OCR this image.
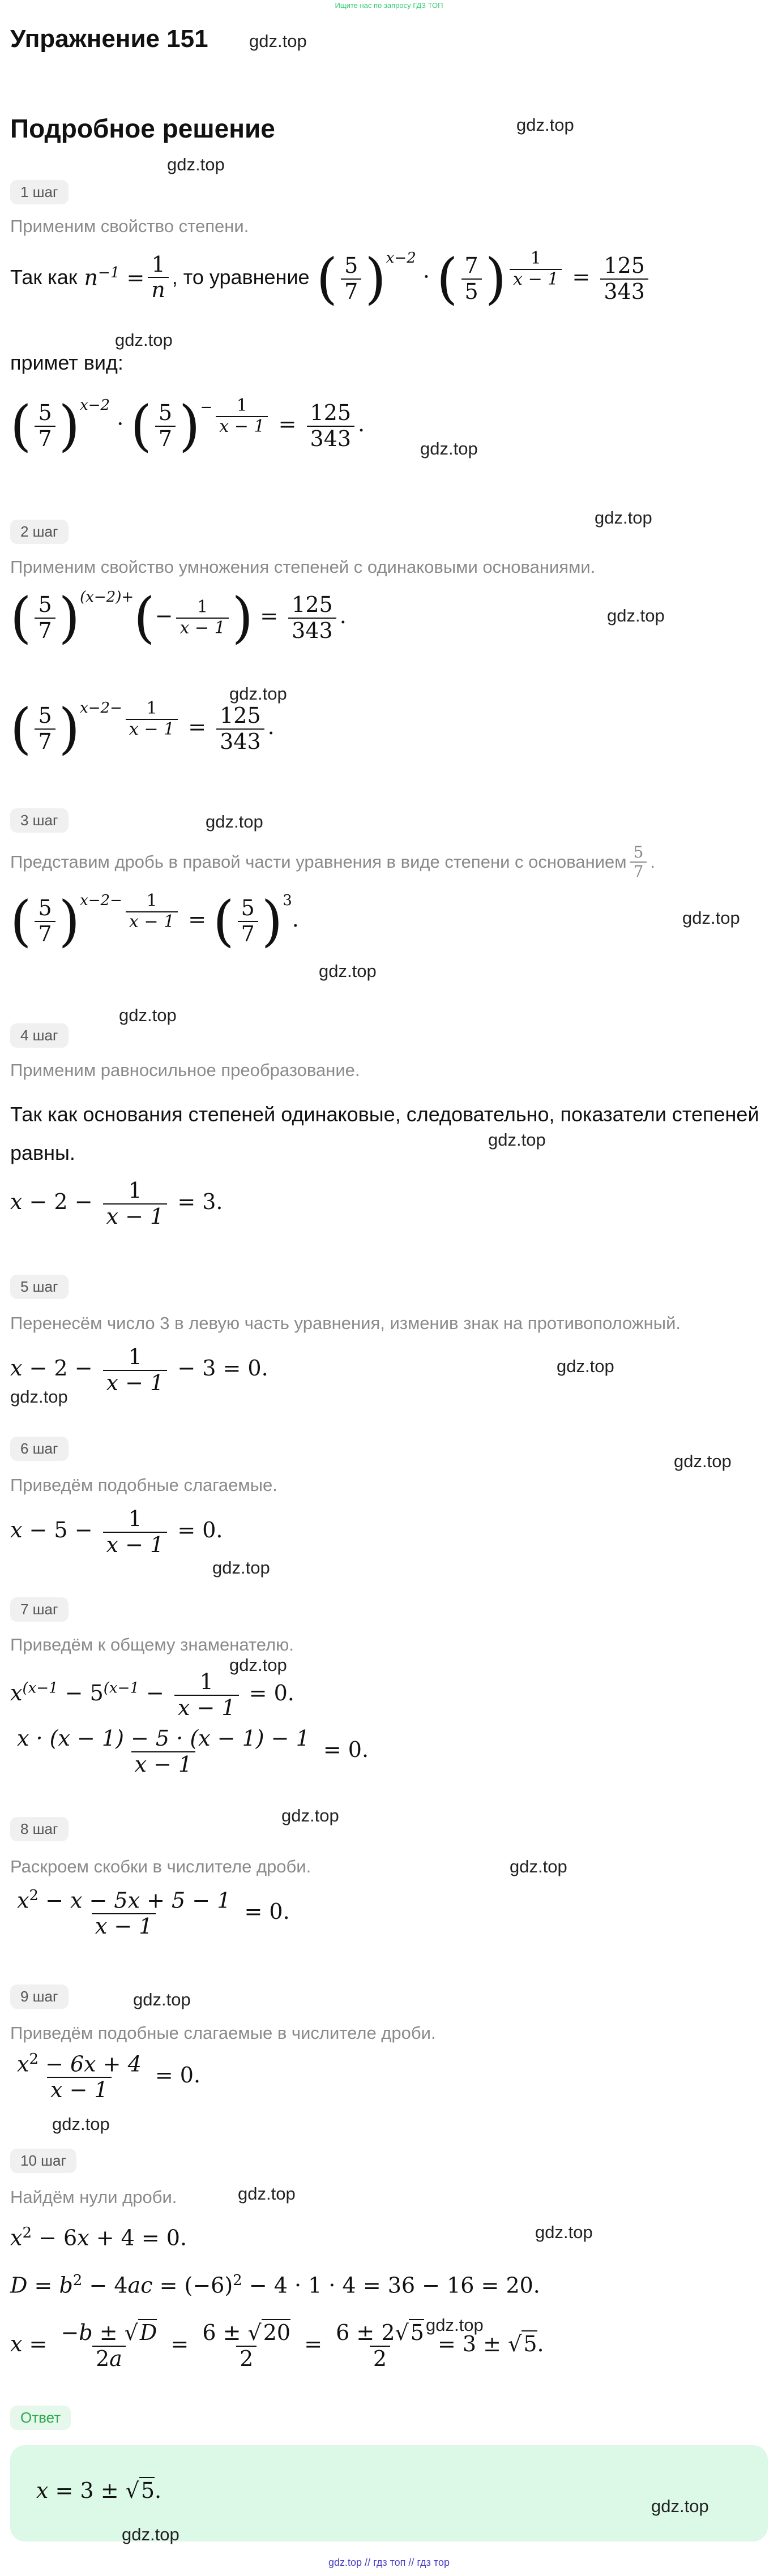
Ищите нас по запросу ГДЗ ТОП
Упражнение 151 gdz.top
Подробное решение	gdz.top
gdz.top
1 шаг
Применим свойство степени.
Так как $n^{-1} = \frac{1}{n}$ , то уравнение ( $\frac{5}{7} )^{x-2}$ · ( $\frac{7}{5}$ ) $\frac{1}{x - 1} = \frac{125}{343}$
gdz.top
примет вид:
( $\frac{5}{7} )^{x-2}$ · ( $\frac{5}{7} )^- \frac{1}{x - 1} = \frac{125}{343}$ .
gdz.top
gdz.top
2 шаг
Применим свойство умножения степеней с одинаковыми основаниями.
gdz.top
( $\frac{5}{7} )^{(x-2)+}(- \frac{1}{x - 1}$ ) = $\frac{125}{343}$ .
gdz.top
( $\frac{5}{7} )^{x-2-} \frac{1}{x - 1} = \frac{125}{343}$ .
3 шаг	gdz.top
Представим дробь в правой части уравнения в виде степени с основанием $\frac{5}{7}$ .
gdz.top
( $\frac{5}{7} )^{x-2-} \frac{1}{x - 1}$ = ( $\frac{5}{7} )^3$.
gdz.top
gdz.top
4 шаг
Применим равносильное преобразование.
Так как основания степеней одинаковые, следовательно, показатели степеней
gdz.top
равны.
$x - 2 - \frac{1}{x - 1} = 3$.
5 шаг
Перенесём число 3 в левую часть уравнения, изменив знак на противоположный.
gdz.top
$x - 2 - \frac{1}{x - 1} - 3 = 0$.
gdz.top
6 шаг
gdz.top
Приведём подобные слагаемые.
$x - 5 - \frac{1}{x - 1} = 0$.
gdz.top
7 шаг
Приведём к общему знаменателю.
gdz.top
$x^{(x-1} - 5^{(x-1} - \frac{1}{x - 1} = 0$.
$\frac{x \cdot (x - 1) - 5 \cdot (x - 1) - 1}{x - 1} = 0$.
gdz.top
8 шаг
Раскроем скобки в числителе дроби.	gdz.top
$\frac{x^2 - x - 5x + 5 - 1}{x - 1} = 0$.
9 шаг	gdz.top
Приведём подобные слагаемые в числителе дроби.
$\frac{x^2 - 6x + 4}{x - 1} = 0$.
gdz.top
10 шаг
Найдём нули дроби.	gdz.top
$x^2 - 6x + 4 = 0$.	gdz.top
$D = b^2 - 4ac = (-6)^2 - 4 \cdot 1 \cdot 4 = 36 - 16 = 20$.
gdz.top
$x = \frac{-b \pm √D}{2a} = \frac{6 \pm √20}{2} = \frac{6 \pm 2√5}{2} = 3 \pm √5$.
Ответ
x = 3 ± √5.
gdz.top
gdz.top
gdz.top // гдз топ // гдз тор
